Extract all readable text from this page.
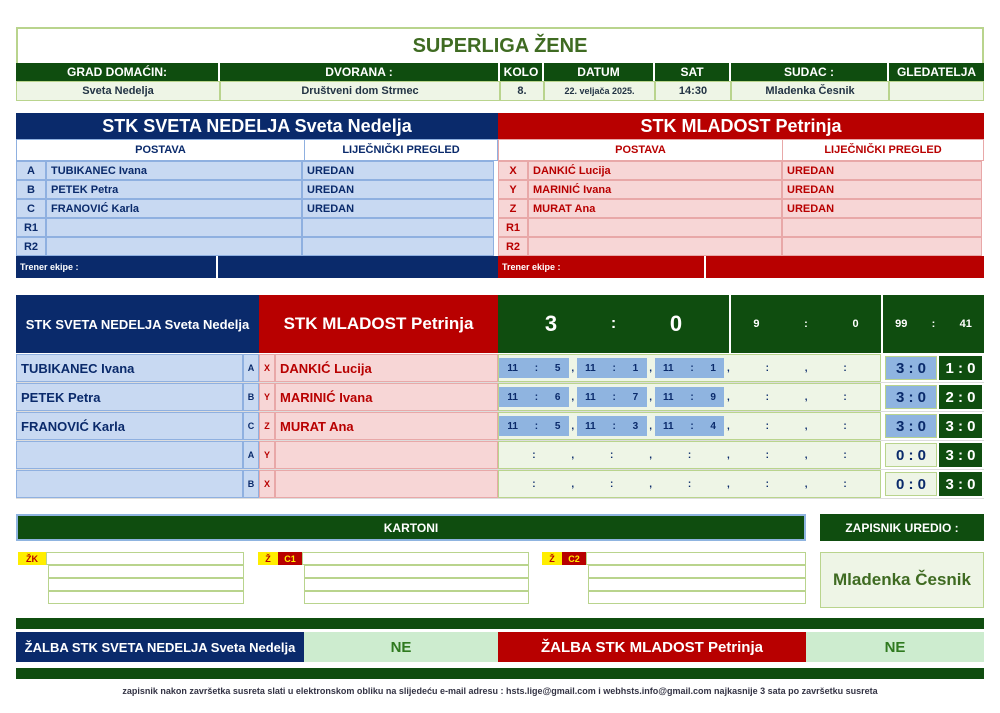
SUPERLIGA ŽENE
GRAD DOMAĆIN:	DVORANA :	KOLO	DATUM	SAT	SUDAC :	GLEDATELJA
Sveta Nedelja	Društveni dom Strmec	8.	22. veljača 2025.	14:30	Mladenka Česnik
STK SVETA NEDELJA Sveta Nedelja
POSTAVA	LIJEČNIČKI PREGLED
A	TUBIKANEC Ivana	UREDAN
B	PETEK Petra	UREDAN
C	FRANOVIĆ Karla	UREDAN
R1
R2
Trener ekipe :
STK MLADOST Petrinja
POSTAVA	LIJEČNIČKI PREGLED
X	DANKIĆ Lucija	UREDAN
Y	MARINIĆ Ivana	UREDAN
Z	MURAT Ana	UREDAN
R1
R2
Trener ekipe :
STK SVETA NEDELJA Sveta Nedelja	STK MLADOST Petrinja	3	: 0	9	:	0	99 : 41
TUBIKANEC Ivana	A	X DANKIĆ Lucija	11 : 5 , 11 : 1 , 11 : 1 ,	:	,	:	3 : 0	1 : 0
PETEK Petra	B	Y MARINIĆ Ivana	11 : 6 , 11 : 7 , 11 : 9 ,	:	,	:	3 : 0	2 : 0
FRANOVIĆ Karla	C	Z MURAT Ana	11 : 5 , 11 : 3 , 11 : 4 ,	:	,	:	3 : 0	3 : 0
A	Y	:	,	:	,	:	,	:	,	:	0 : 0	3 : 0
B	X	:	,	:	,	:	,	:	,	:	0 : 0	3 : 0
KARTONI	ZAPISNIK UREDIO :
ŽK	Ž	C1	Ž	C2
Mladenka Česnik
ŽALBA STK SVETA NEDELJA Sveta Nedelja	NE	ŽALBA STK MLADOST Petrinja	NE
zapisnik nakon završetka susreta slati u elektronskom obliku na slijedeću e-mail adresu : hsts.lige@gmail.com i webhsts.info@gmail.com najkasnije 3 sata po završetku susreta
